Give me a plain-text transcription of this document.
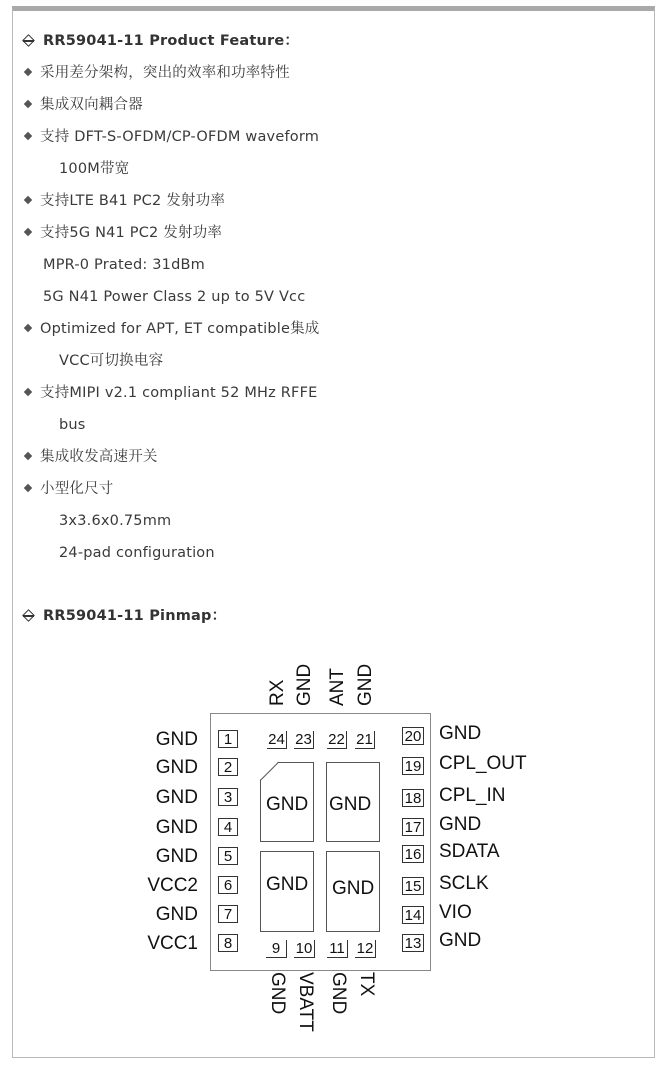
RR59041-11 Product Feature：
采用差分架构，突出的效率和功率特性
集成双向耦合器
支持 DFT-S-OFDM/CP-OFDM waveform
100M带宽
支持LTE B41 PC2 发射功率
支持5G N41 PC2 发射功率
MPR-0 Prated: 31dBm
5G N41 Power Class 2 up to 5V Vcc
Optimized for APT, ET compatible集成
VCC可切换电容
支持MIPI v2.1 compliant 52 MHz RFFE
bus
集成收发高速开关
小型化尺寸
3x3.6x0.75mm
24-pad configuration
RR59041-11 Pinmap：
GND GND
GND GND
1
GND
2
GND
3
GND
4
GND
5
GND
6
VCC2
7
GND
8
VCC1
20 GND
19 CPL_OUT
18 CPL_IN
17 GND
16 SDATA
15 SCLK
14 VIO
13 GND
24
RX
23
GND
22
ANT
21
GND
9
GND
10
VBATT
11
GND
12
TX
